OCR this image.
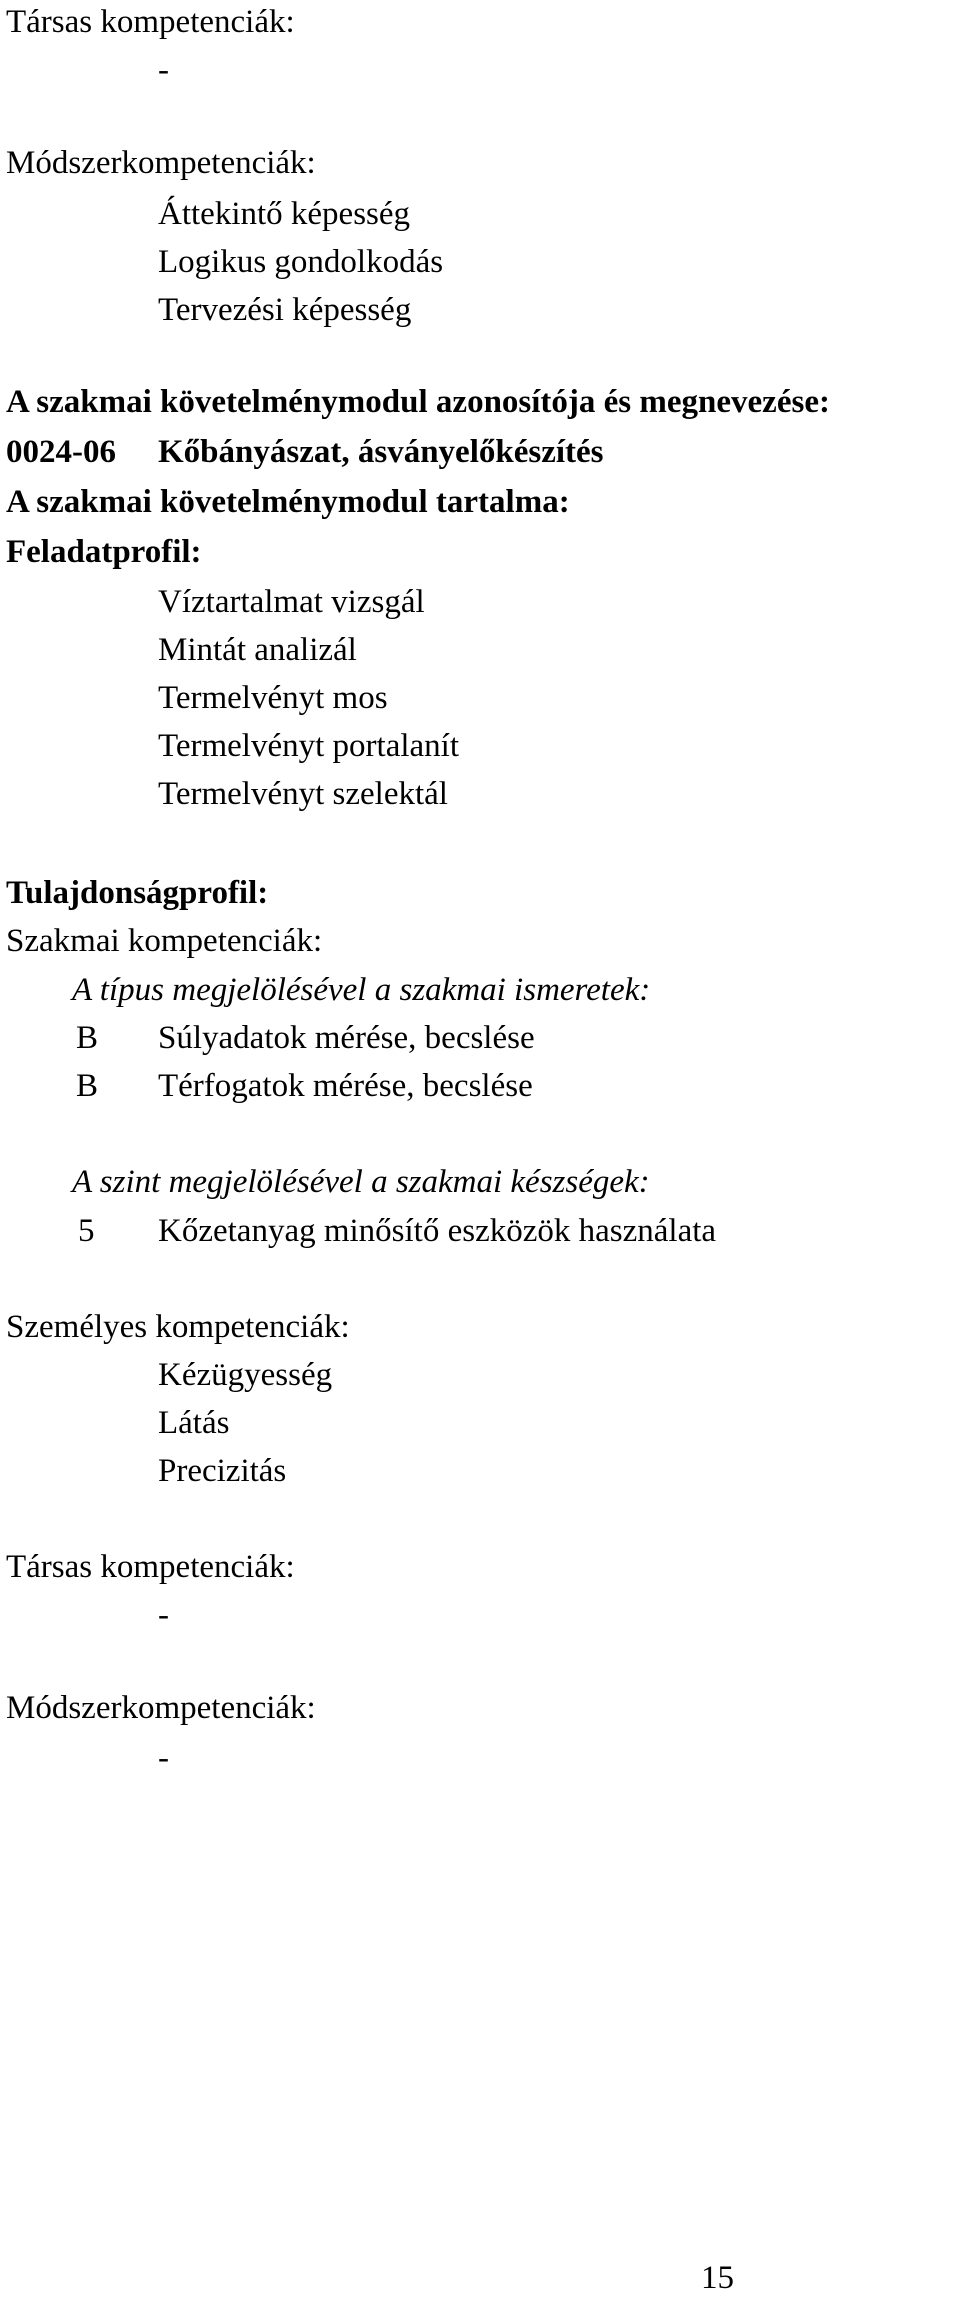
Társas kompetenciák:
-
Módszerkompetenciák:
Áttekintő képesség
Logikus gondolkodás
Tervezési képesség
A szakmai követelménymodul azonosítója és megnevezése:
0024-06 Kőbányászat, ásványelőkészítés
A szakmai követelménymodul tartalma:
Feladatprofil:
Víztartalmat vizsgál
Mintát analizál
Termelvényt mos
Termelvényt portalanít
Termelvényt szelektál
Tulajdonságprofil:
Szakmai kompetenciák:
A típus megjelölésével a szakmai ismeretek:
B Súlyadatok mérése, becslése
B Térfogatok mérése, becslése
A szint megjelölésével a szakmai készségek:
5 Kőzetanyag minősítő eszközök használata
Személyes kompetenciák:
Kézügyesség
Látás
Precizitás
Társas kompetenciák:
-
Módszerkompetenciák:
-
15
